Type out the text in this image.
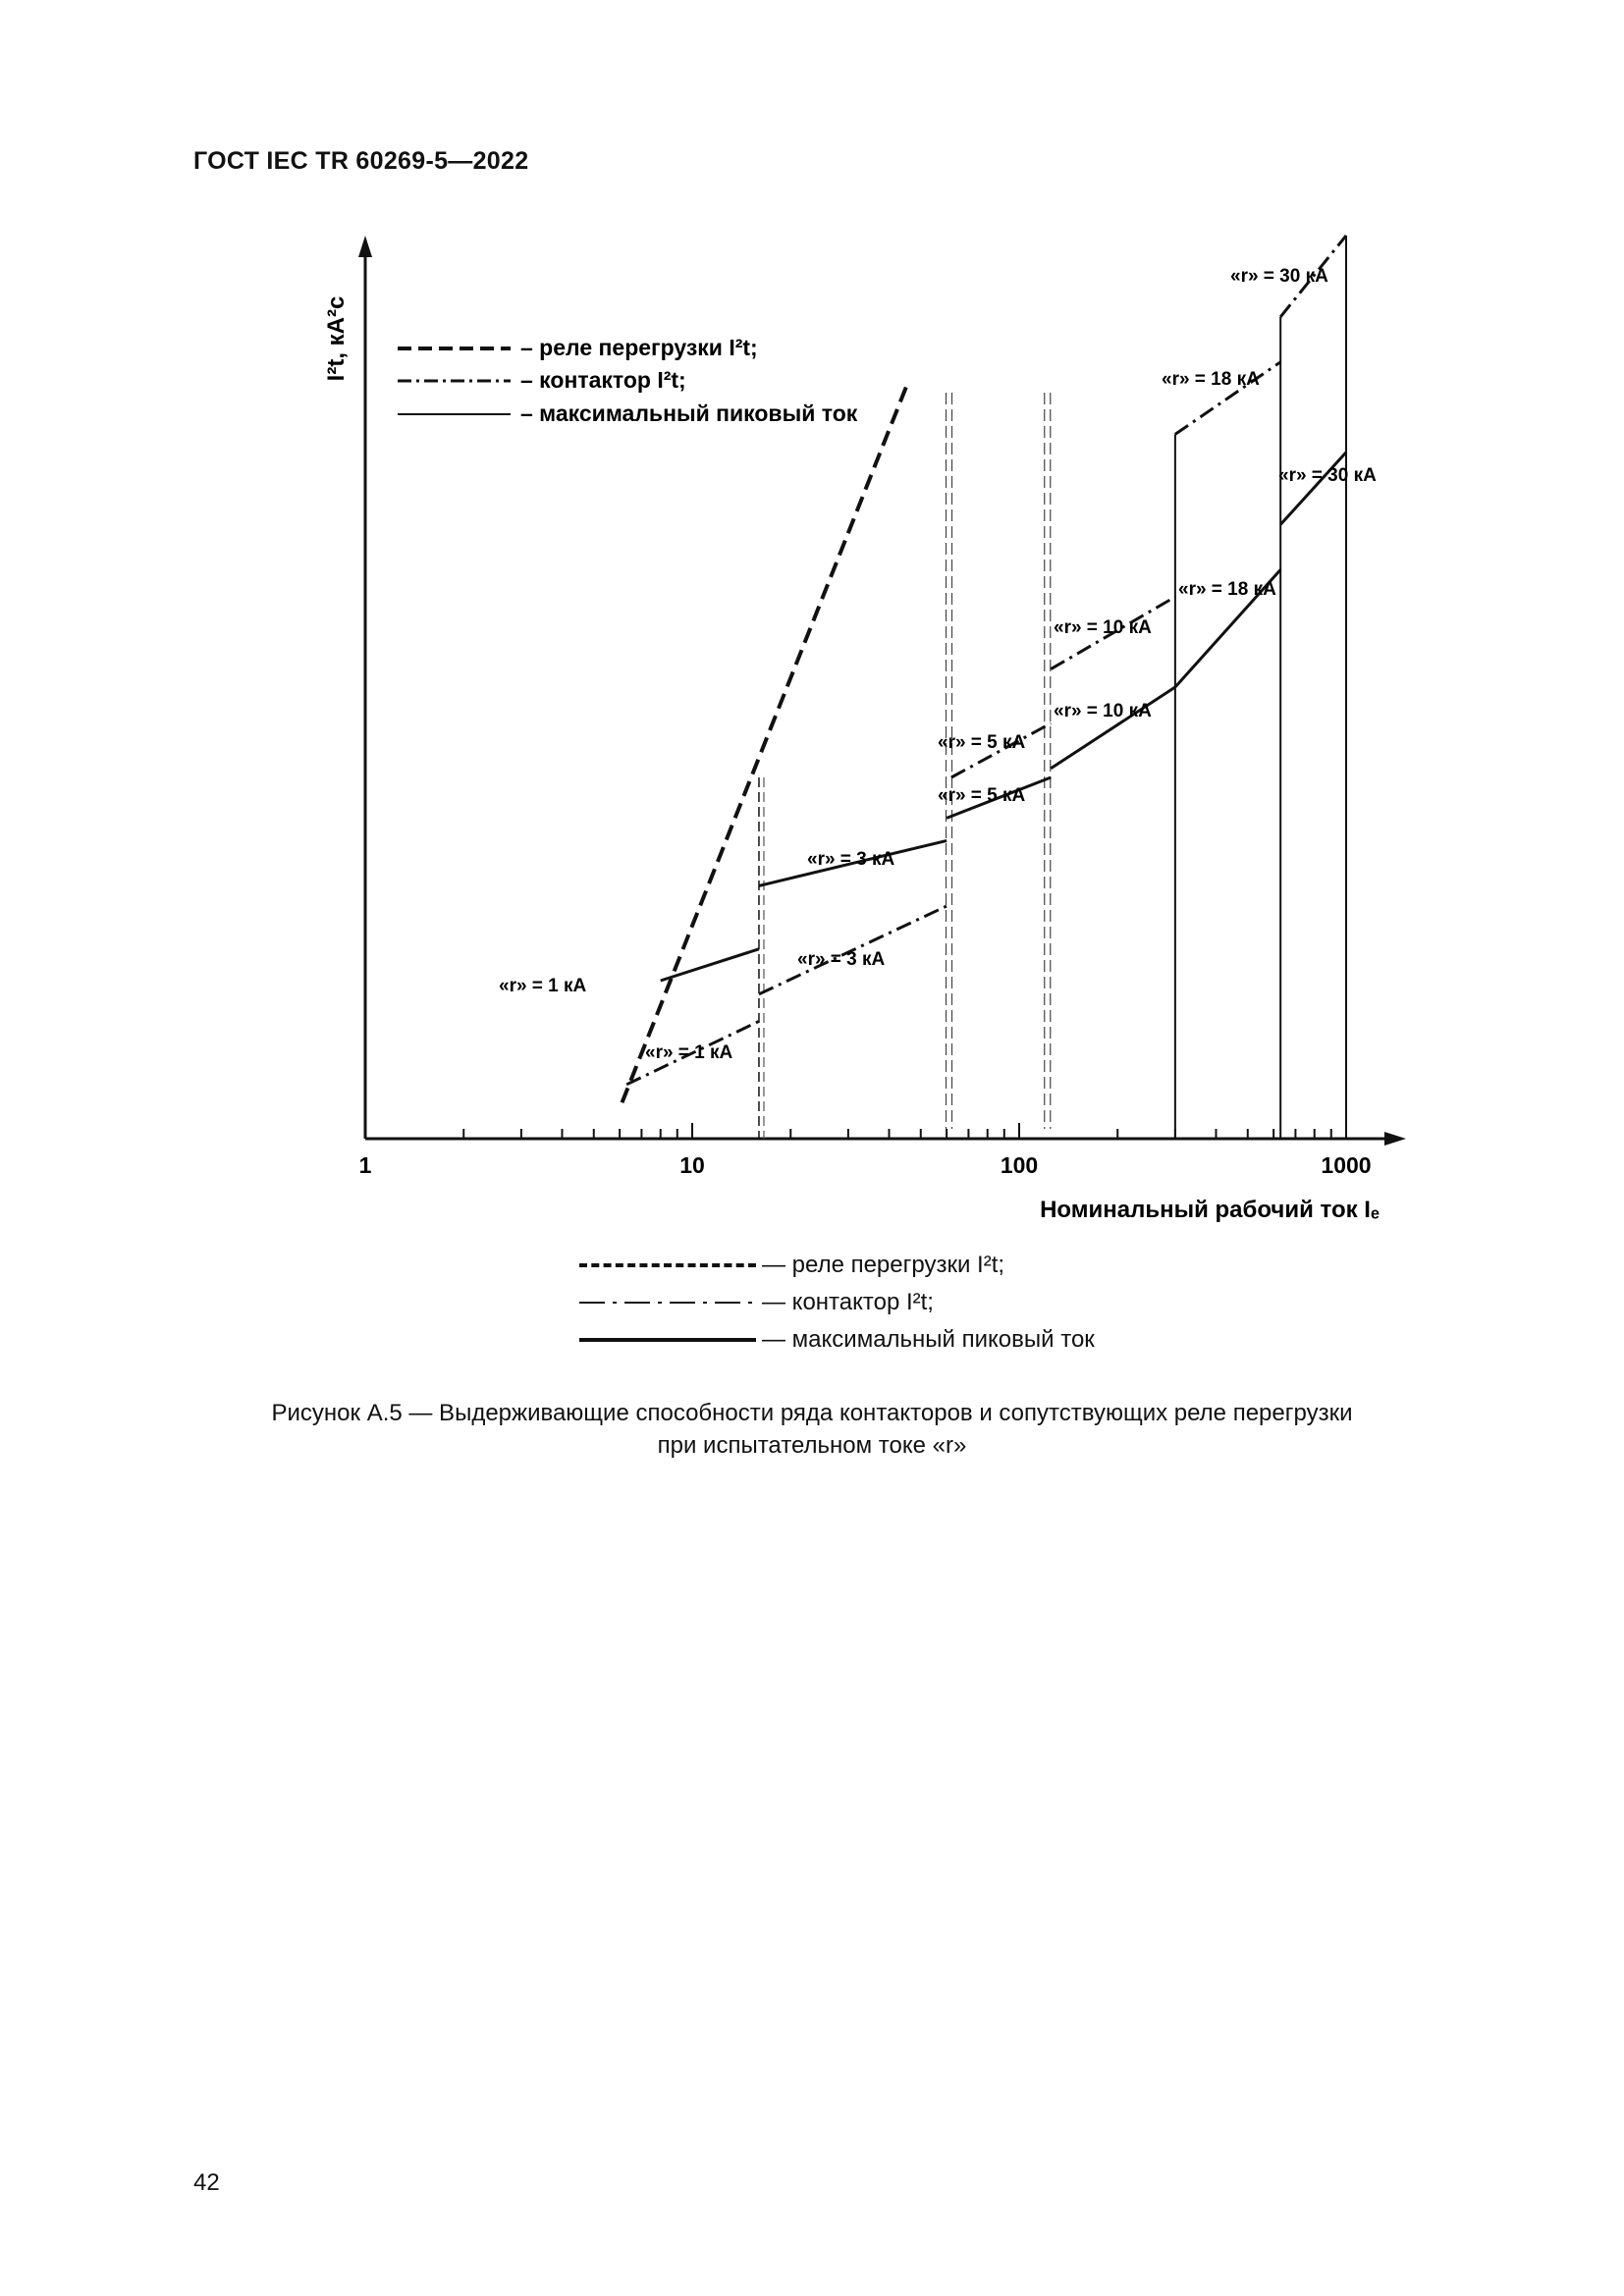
ГОСТ IEC TR 60269-5—2022
1	10	100	1000
I²t, кА²с
Номинальный рабочий ток Iₑ
– реле перегрузки I²t;
– контактор I²t;
– максимальный пиковый ток
«r» = 1 кА
«r» = 1 кА
«r» = 3 кА
«r» = 3 кА
«r» = 5 кА
«r» = 5 кА
«r» = 10 кА
«r» = 10 кА
«r» = 18 кА
«r» = 18 кА
«r» = 30 кА
«r» = 30 кА
— реле перегрузки I²t;
— контактор I²t;
— максимальный пиковый ток
Рисунок А.5 — Выдерживающие способности ряда контакторов и сопутствующих реле перегрузки
при испытательном токе «r»
42
